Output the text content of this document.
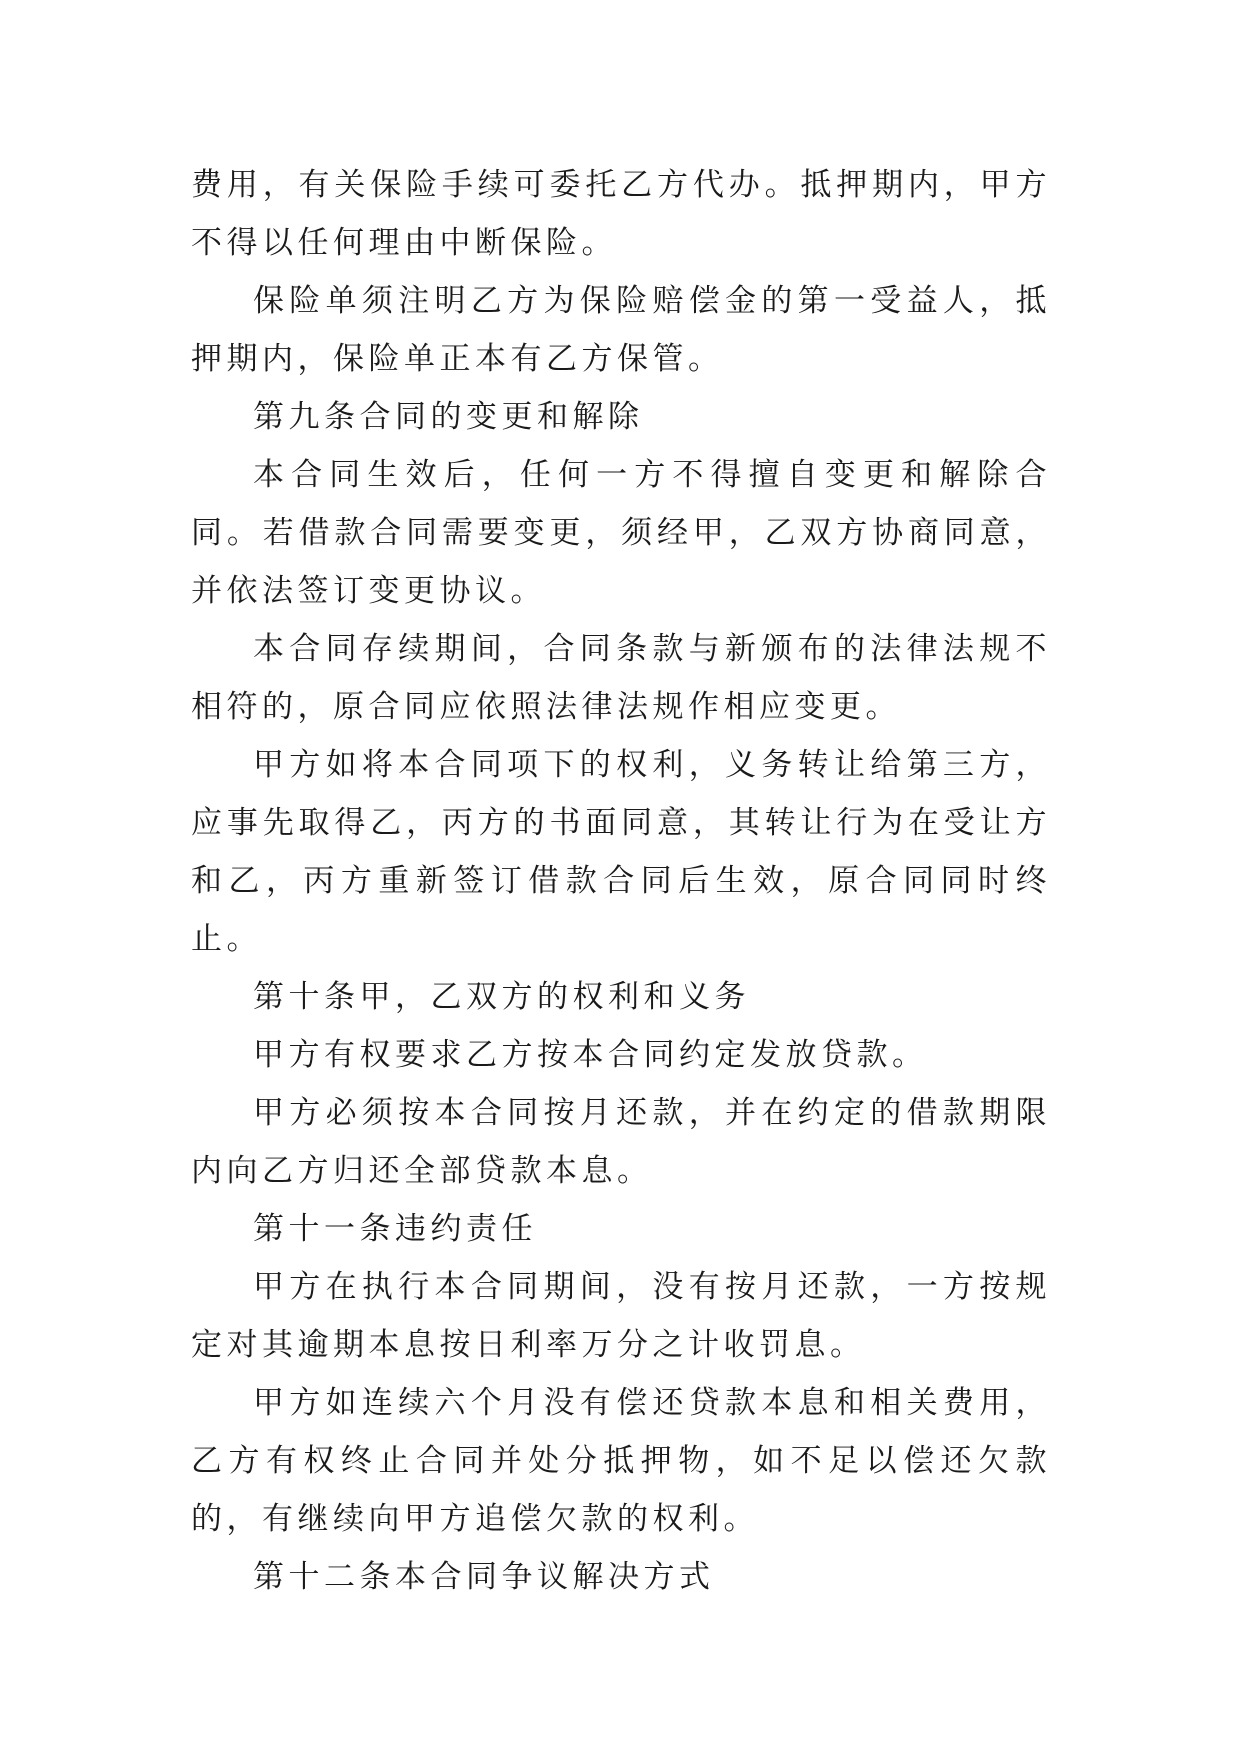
费用，有关保险手续可委托乙方代办。抵押期内，甲方不得以任何理由中断保险。

保险单须注明乙方为保险赔偿金的第一受益人，抵押期内，保险单正本有乙方保管。

第九条合同的变更和解除

本合同生效后，任何一方不得擅自变更和解除合同。若借款合同需要变更，须经甲，乙双方协商同意，并依法签订变更协议。

本合同存续期间，合同条款与新颁布的法律法规不相符的，原合同应依照法律法规作相应变更。

甲方如将本合同项下的权利，义务转让给第三方，应事先取得乙，丙方的书面同意，其转让行为在受让方和乙，丙方重新签订借款合同后生效，原合同同时终止。

第十条甲，乙双方的权利和义务

甲方有权要求乙方按本合同约定发放贷款。

甲方必须按本合同按月还款，并在约定的借款期限内向乙方归还全部贷款本息。

第十一条违约责任

甲方在执行本合同期间，没有按月还款，一方按规定对其逾期本息按日利率万分之计收罚息。

甲方如连续六个月没有偿还贷款本息和相关费用，乙方有权终止合同并处分抵押物，如不足以偿还欠款的，有继续向甲方追偿欠款的权利。

第十二条本合同争议解决方式
